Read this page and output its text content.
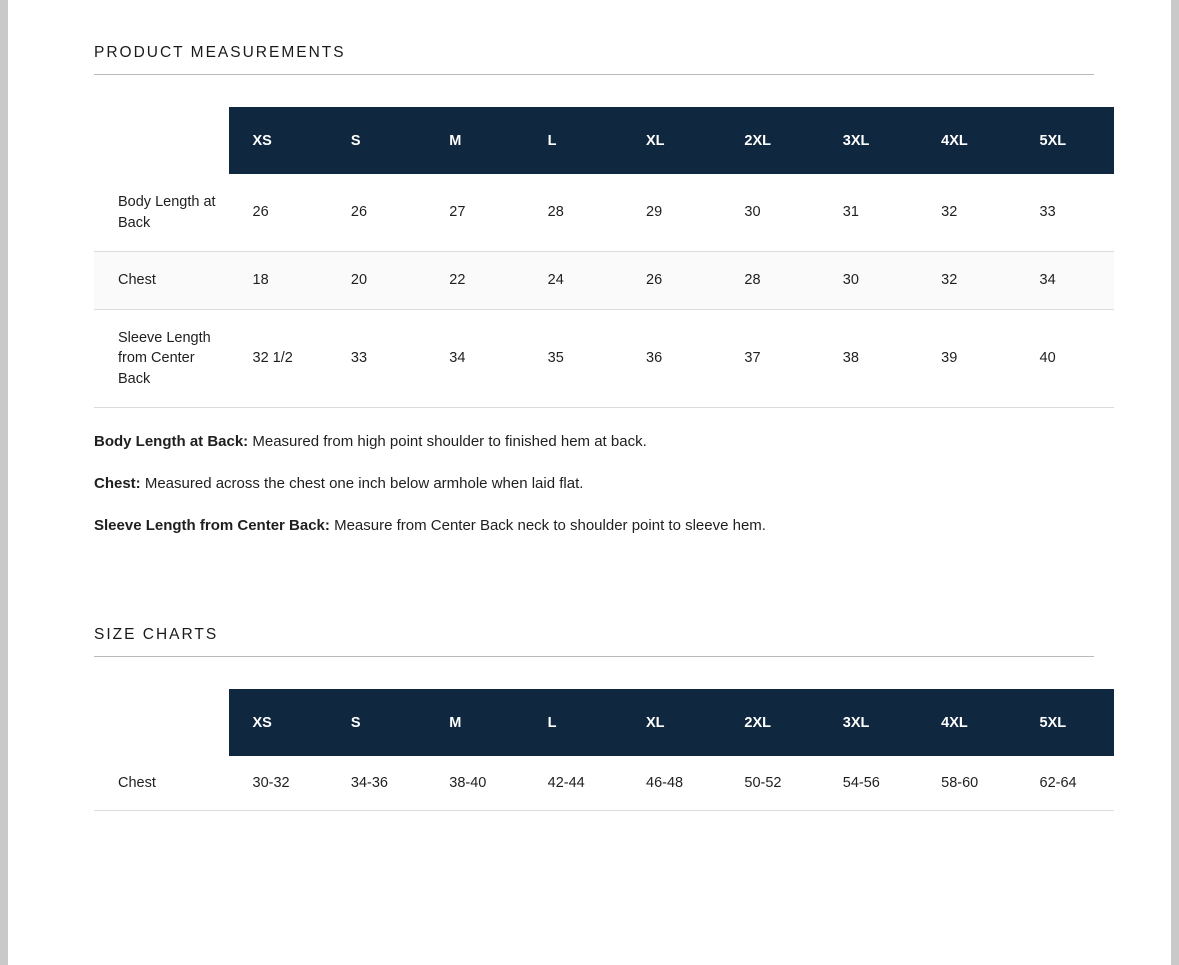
PRODUCT MEASUREMENTS
	XS	S	M	L	XL	2XL	3XL	4XL	5XL
Body Length at Back	26	26	27	28	29	30	31	32	33
Chest	18	20	22	24	26	28	30	32	34
Sleeve Length from Center Back	32 1/2	33	34	35	36	37	38	39	40
Body Length at Back: Measured from high point shoulder to finished hem at back.
Chest: Measured across the chest one inch below armhole when laid flat.
Sleeve Length from Center Back: Measure from Center Back neck to shoulder point to sleeve hem.
SIZE CHARTS
	XS	S	M	L	XL	2XL	3XL	4XL	5XL
Chest	30-32	34-36	38-40	42-44	46-48	50-52	54-56	58-60	62-64
